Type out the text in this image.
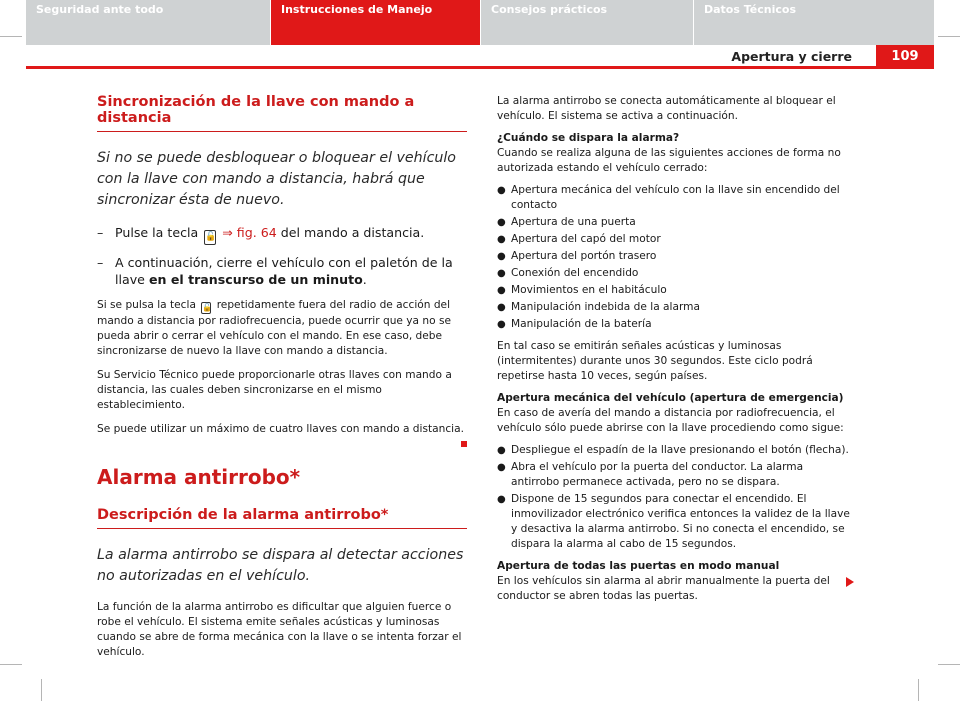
Apertura y cierre	109
Sincronización de la llave con mando a distancia
Si no se puede desbloquear o bloquear el vehículo con la llave con mando a distancia, habrá que sincronizar ésta de nuevo.
– Pulse la tecla 🔓 ⇒ fig. 64 del mando a distancia.
– A continuación, cierre el vehículo con el paletón de la llave en el transcurso de un minuto.
Si se pulsa la tecla 🔓 repetidamente fuera del radio de acción del mando a distancia por radiofrecuencia, puede ocurrir que ya no se pueda abrir o cerrar el vehículo con el mando. En ese caso, debe sincronizarse de nuevo la llave con mando a distancia.
Su Servicio Técnico puede proporcionarle otras llaves con mando a distancia, las cuales deben sincronizarse en el mismo establecimiento.
Se puede utilizar un máximo de cuatro llaves con mando a distancia.
Alarma antirrobo*
Descripción de la alarma antirrobo*
La alarma antirrobo se dispara al detectar acciones no autorizadas en el vehículo.
La función de la alarma antirrobo es dificultar que alguien fuerce o robe el vehículo. El sistema emite señales acústicas y luminosas cuando se abre de forma mecánica con la llave o se intenta forzar el vehículo.
La alarma antirrobo se conecta automáticamente al bloquear el vehículo. El sistema se activa a continuación.
¿Cuándo se dispara la alarma?
Cuando se realiza alguna de las siguientes acciones de forma no autorizada estando el vehículo cerrado:
● Apertura mecánica del vehículo con la llave sin encendido del contacto
● Apertura de una puerta
● Apertura del capó del motor
● Apertura del portón trasero
● Conexión del encendido
● Movimientos en el habitáculo
● Manipulación indebida de la alarma
● Manipulación de la batería
En tal caso se emitirán señales acústicas y luminosas (intermitentes) durante unos 30 segundos. Este ciclo podrá repetirse hasta 10 veces, según países.
Apertura mecánica del vehículo (apertura de emergencia)
En caso de avería del mando a distancia por radiofrecuencia, el vehículo sólo puede abrirse con la llave procediendo como sigue:
● Despliegue el espadín de la llave presionando el botón (flecha).
● Abra el vehículo por la puerta del conductor. La alarma antirrobo permanece activada, pero no se dispara.
● Dispone de 15 segundos para conectar el encendido. El inmovilizador electrónico verifica entonces la validez de la llave y desactiva la alarma antirrobo. Si no conecta el encendido, se dispara la alarma al cabo de 15 segundos.
Apertura de todas las puertas en modo manual
En los vehículos sin alarma al abrir manualmente la puerta del conductor se abren todas las puertas.
Seguridad ante todo	Instrucciones de Manejo	Consejos prácticos	Datos Técnicos
